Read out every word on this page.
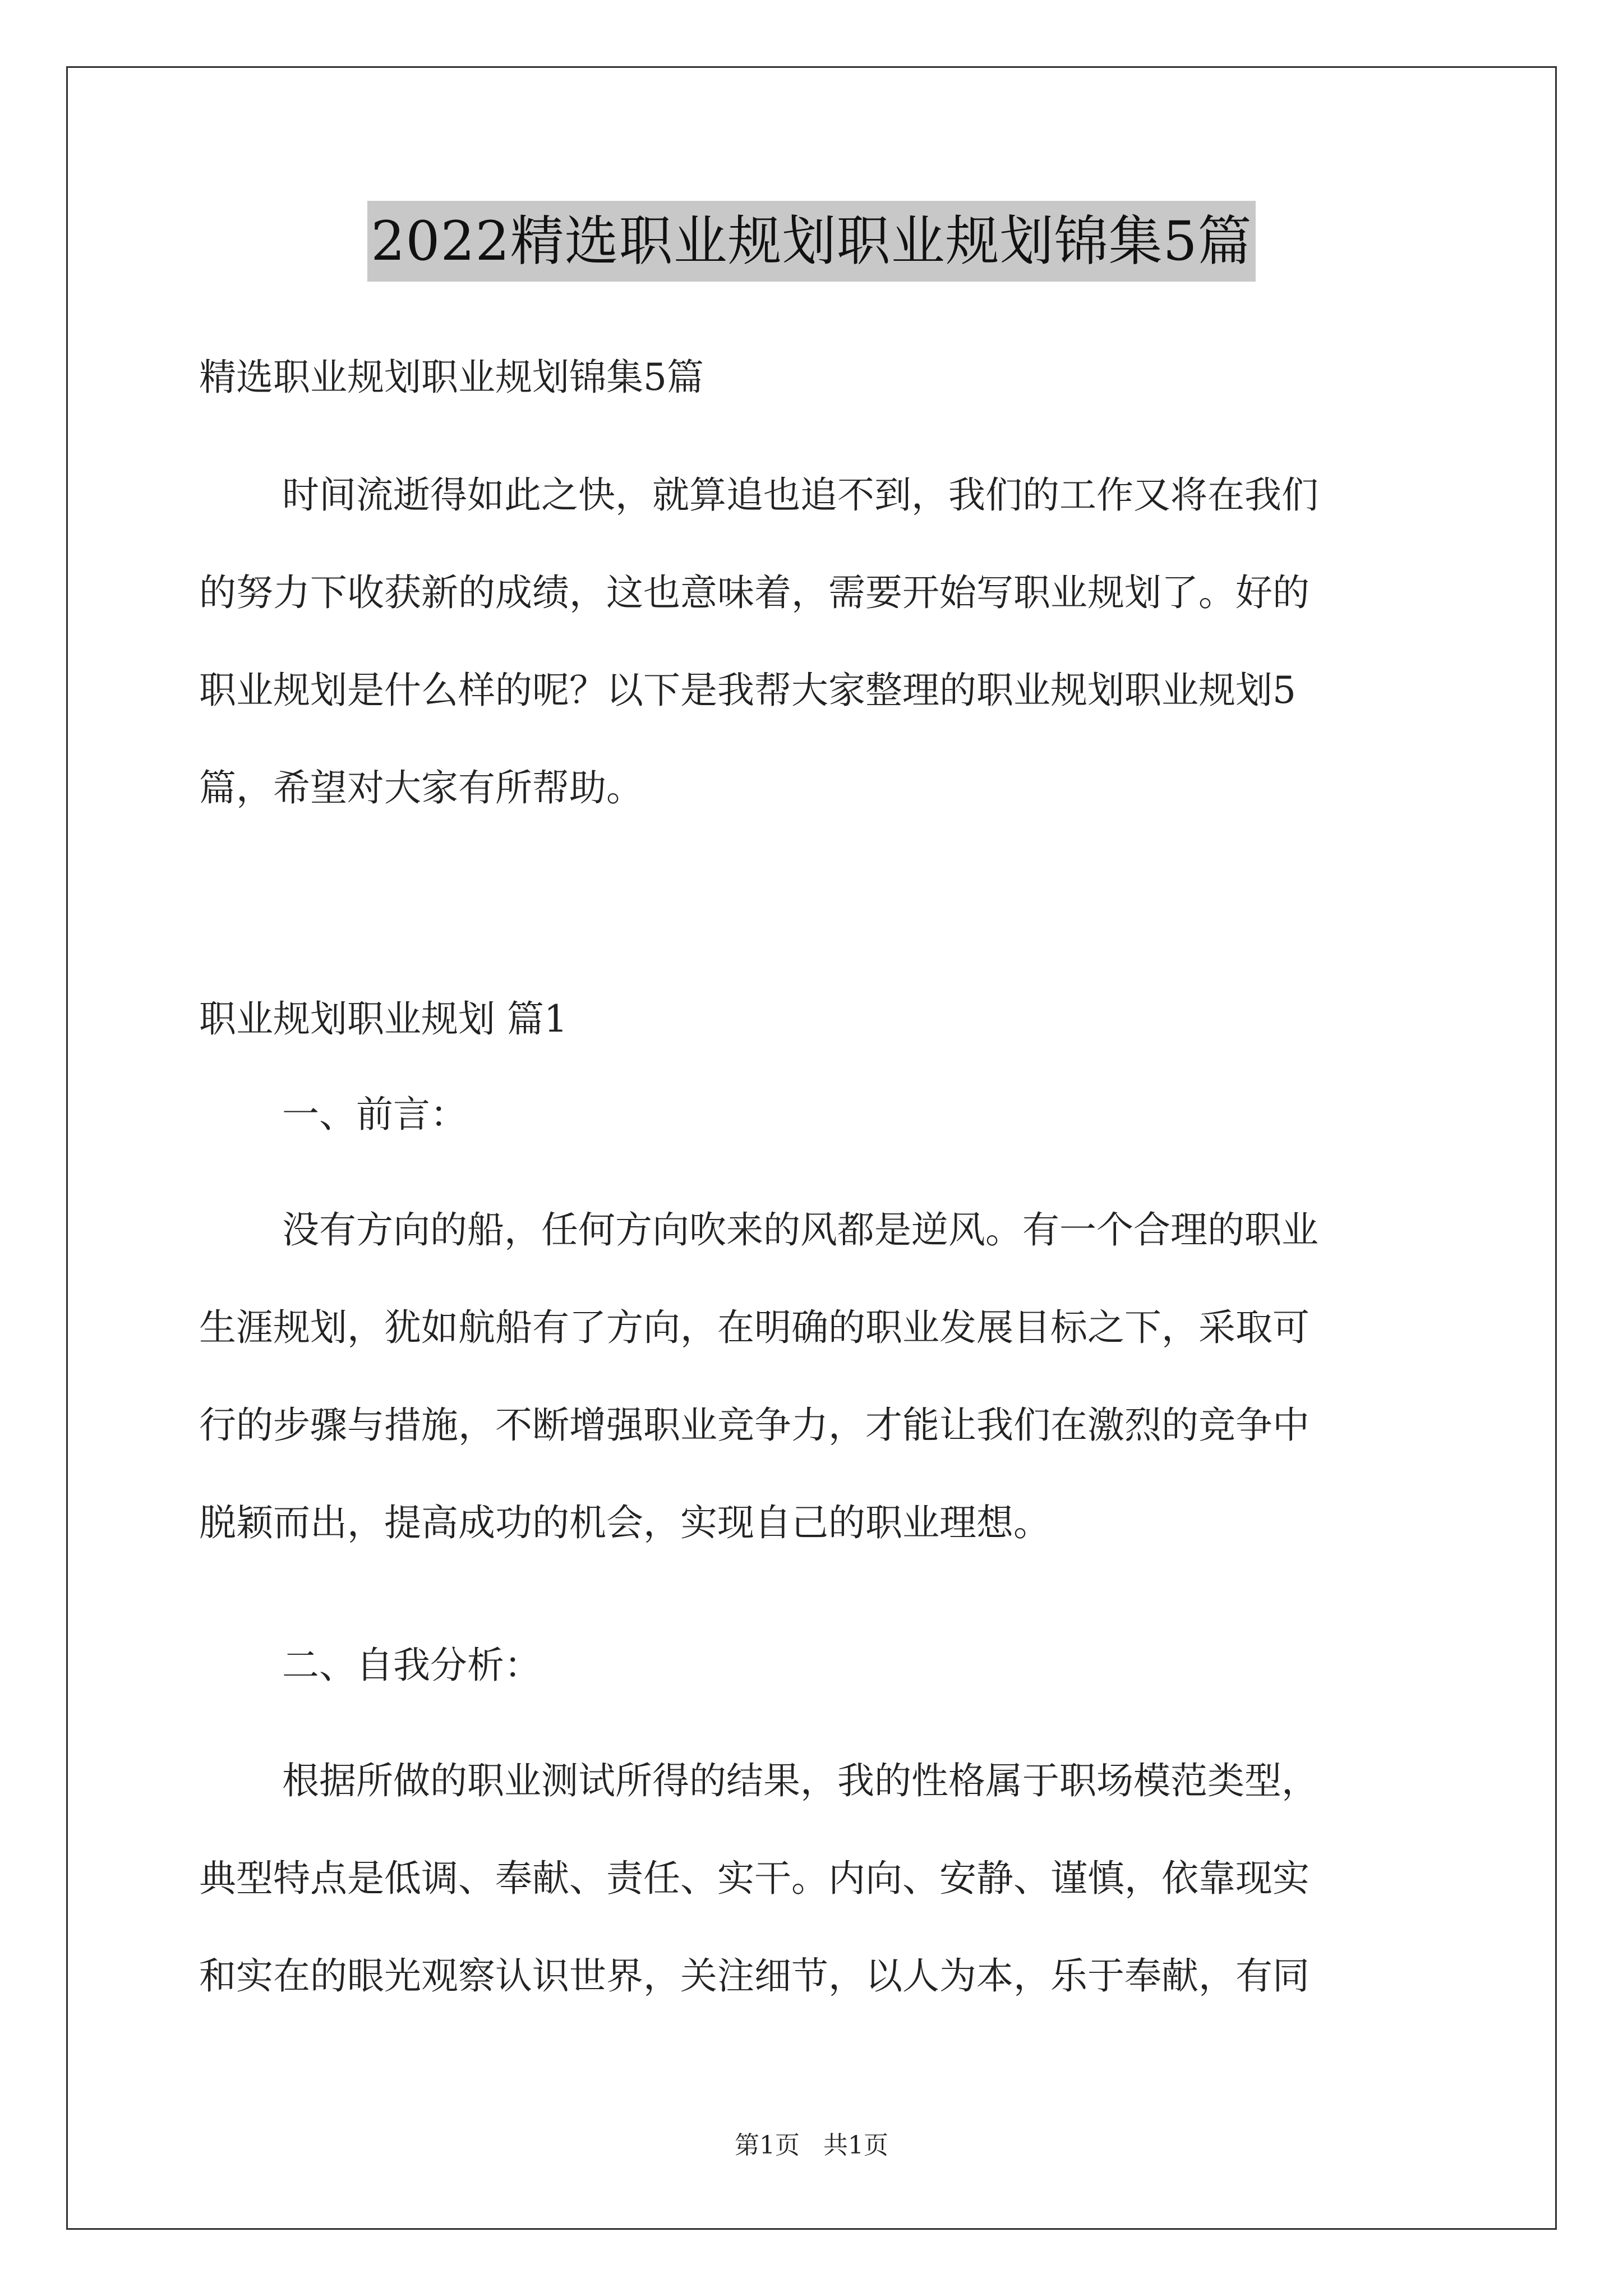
2022精选职业规划职业规划锦集5篇
精选职业规划职业规划锦集5篇
时间流逝得如此之快，就算追也追不到，我们的工作又将在我们
的努力下收获新的成绩，这也意味着，需要开始写职业规划了。好的
职业规划是什么样的呢？以下是我帮大家整理的职业规划职业规划5
篇，希望对大家有所帮助。
职业规划职业规划 篇1
一、前言：
没有方向的船，任何方向吹来的风都是逆风。有一个合理的职业
生涯规划，犹如航船有了方向，在明确的职业发展目标之下，采取可
行的步骤与措施，不断增强职业竞争力，才能让我们在激烈的竞争中
脱颖而出，提高成功的机会，实现自己的职业理想。
二、自我分析：
根据所做的职业测试所得的结果，我的性格属于职场模范类型，
典型特点是低调、奉献、责任、实干。内向、安静、谨慎，依靠现实
和实在的眼光观察认识世界，关注细节，以人为本，乐于奉献，有同
第1页   共1页
